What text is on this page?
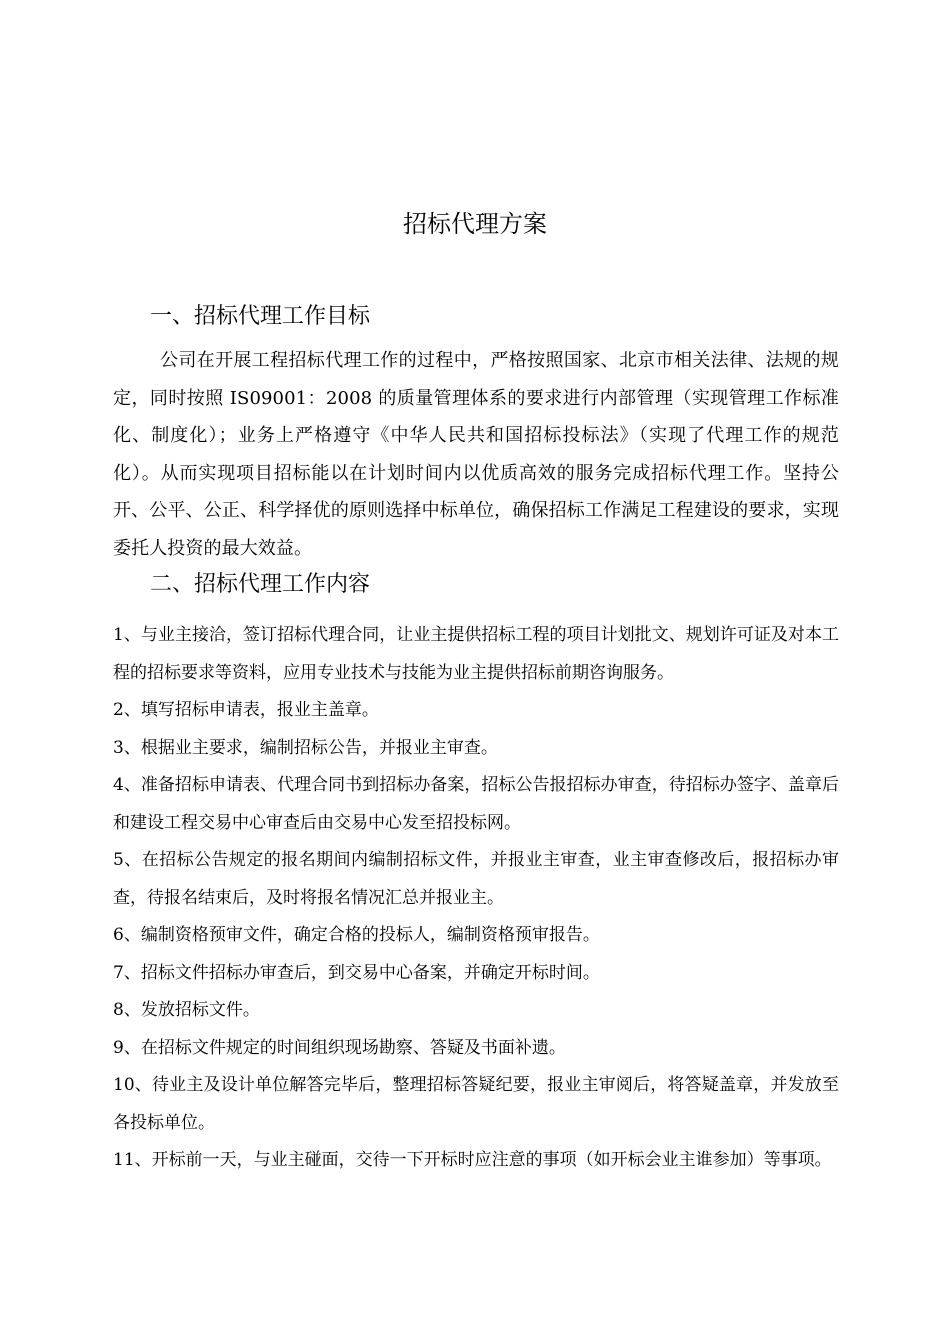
招标代理方案
一、招标代理工作目标

公司在开展工程招标代理工作的过程中，严格按照国家、北京市相关法律、法规的规定，同时按照 IS09001：2008 的质量管理体系的要求进行内部管理（实现管理工作标准化、制度化）；业务上严格遵守《中华人民共和国招标投标法》（实现了代理工作的规范化）。从而实现项目招标能以在计划时间内以优质高效的服务完成招标代理工作。坚持公开、公平、公正、科学择优的原则选择中标单位，确保招标工作满足工程建设的要求，实现委托人投资的最大效益。

二、招标代理工作内容
1、与业主接洽，签订招标代理合同，让业主提供招标工程的项目计划批文、规划许可证及对本工程的招标要求等资料，应用专业技术与技能为业主提供招标前期咨询服务。
2、填写招标申请表，报业主盖章。
3、根据业主要求，编制招标公告，并报业主审查。
4、准备招标申请表、代理合同书到招标办备案，招标公告报招标办审查，待招标办签字、盖章后和建设工程交易中心审查后由交易中心发至招投标网。
5、在招标公告规定的报名期间内编制招标文件，并报业主审查，业主审查修改后，报招标办审查，待报名结束后，及时将报名情况汇总并报业主。
6、编制资格预审文件，确定合格的投标人，编制资格预审报告。
7、招标文件招标办审查后，到交易中心备案，并确定开标时间。
8、发放招标文件。
9、在招标文件规定的时间组织现场勘察、答疑及书面补遗。
10、待业主及设计单位解答完毕后，整理招标答疑纪要，报业主审阅后，将答疑盖章，并发放至各投标单位。
11、开标前一天，与业主碰面，交待一下开标时应注意的事项（如开标会业主谁参加）等事项。
